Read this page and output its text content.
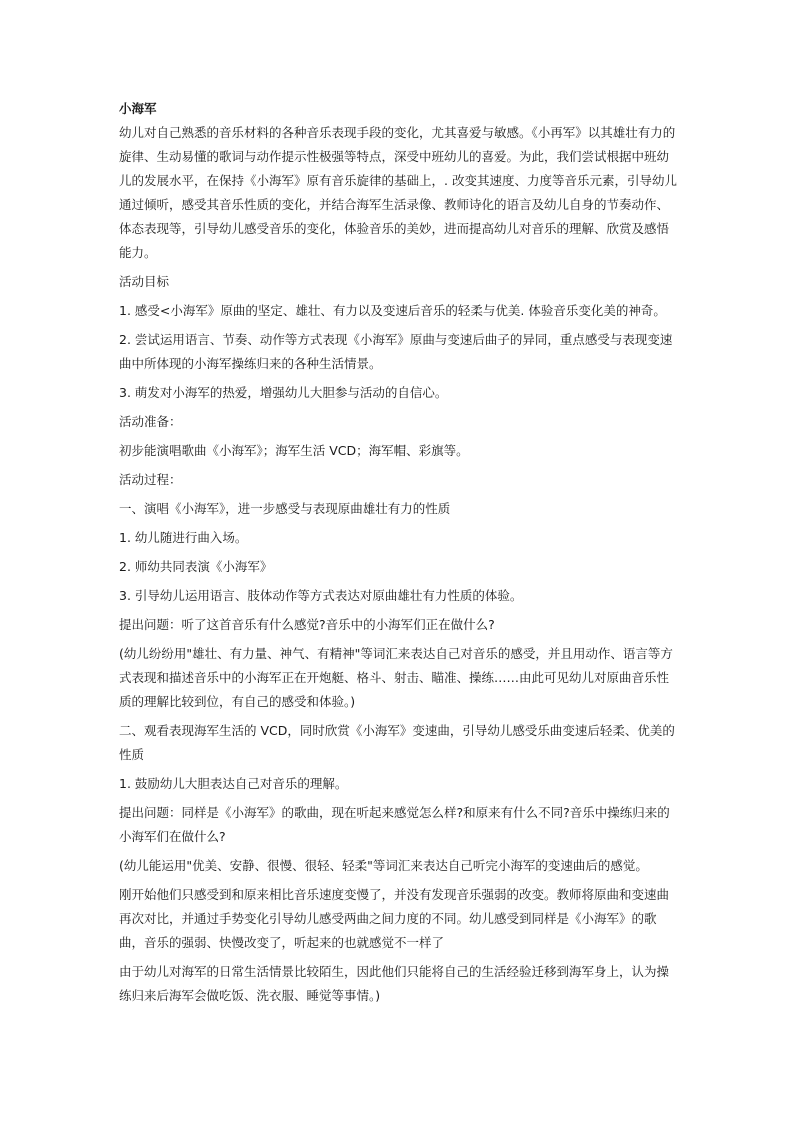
小海军

幼儿对自己熟悉的音乐材料的各种音乐表现手段的变化，尤其喜爱与敏感。《小再军》以其雄壮有力的旋律、生动易懂的歌词与动作提示性极强等特点，深受中班幼儿的喜爱。为此，我们尝试根据中班幼儿的发展水平，在保持《小海军》原有音乐旋律的基础上，. 改变其速度、力度等音乐元素，引导幼儿通过倾听，感受其音乐性质的变化，并结合海军生活录像、教师诗化的语言及幼儿自身的节奏动作、体态表现等，引导幼儿感受音乐的变化，体验音乐的美妙，进而提高幼儿对音乐的理解、欣赏及感悟能力。

活动目标

1. 感受<小海军》原曲的坚定、雄壮、有力以及变速后音乐的轻柔与优美. 体验音乐变化美的神奇。

2. 尝试运用语言、节奏、动作等方式表现《小海军》原曲与变速后曲子的异同，重点感受与表现变速曲中所体现的小海军操练归来的各种生活情景。

3. 萌发对小海军的热爱，增强幼儿大胆参与活动的自信心。

活动准备：

初步能演唱歌曲《小海军》；海军生活 VCD；海军帽、彩旗等。

活动过程：

一、演唱《小海军》，进一步感受与表现原曲雄壮有力的性质

1. 幼儿随进行曲入场。

2. 师幼共同表演《小海军》

3. 引导幼儿运用语言、肢体动作等方式表达对原曲雄壮有力性质的体验。

提出问题：听了这首音乐有什么感觉?音乐中的小海军们正在做什么?

(幼儿纷纷用"雄壮、有力量、神气、有精神"等词汇来表达自己对音乐的感受，并且用动作、语言等方式表现和描述音乐中的小海军正在开炮艇、格斗、射击、瞄准、操练……由此可见幼儿对原曲音乐性质的理解比较到位，有自己的感受和体验。)

二、观看表现海军生活的 VCD，同时欣赏《小海军》变速曲，引导幼儿感受乐曲变速后轻柔、优美的性质

1. 鼓励幼儿大胆表达自己对音乐的理解。

提出问题：同样是《小海军》的歌曲，现在听起来感觉怎么样?和原来有什么不同?音乐中操练归来的小海军们在做什么?

(幼儿能运用"优美、安静、很慢、很轻、轻柔"等词汇来表达自己听完小海军的变速曲后的感觉。

刚开始他们只感受到和原来相比音乐速度变慢了，并没有发现音乐强弱的改变。教师将原曲和变速曲再次对比，并通过手势变化引导幼儿感受两曲之间力度的不同。幼儿感受到同样是《小海军》的歌曲，音乐的强弱、快慢改变了，听起来的也就感觉不一样了

由于幼儿对海军的日常生活情景比较陌生，因此他们只能将自己的生活经验迁移到海军身上，认为操练归来后海军会做吃饭、洗衣服、睡觉等事情。)
